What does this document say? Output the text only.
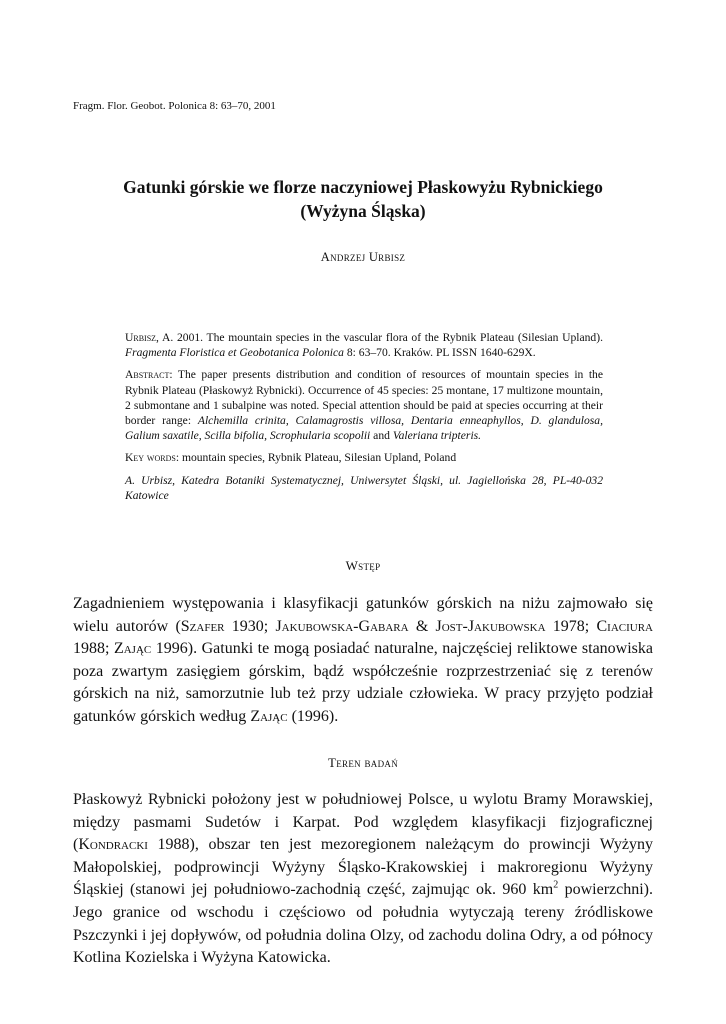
Fragm. Flor. Geobot. Polonica 8: 63–70, 2001
Gatunki górskie we florze naczyniowej Płaskowyżu Rybnickiego
(Wyżyna Śląska)
Andrzej Urbisz

Urbisz, A. 2001. The mountain species in the vascular flora of the Rybnik Plateau (Silesian Upland). Fragmenta Floristica et Geobotanica Polonica 8: 63–70. Kraków. PL ISSN 1640-629X.

Abstract: The paper presents distribution and condition of resources of mountain species in the Rybnik Plateau (Płaskowyż Rybnicki). Occurrence of 45 species: 25 montane, 17 multizone mountain, 2 submontane and 1 subalpine was noted. Special attention should be paid at species occurring at their border range: Alchemilla crinita, Calamagrostis villosa, Dentaria enneaphyllos, D. glandulosa, Galium saxatile, Scilla bifolia, Scrophularia scopolii and Valeriana tripteris.

Key words: mountain species, Rybnik Plateau, Silesian Upland, Poland

A. Urbisz, Katedra Botaniki Systematycznej, Uniwersytet Śląski, ul. Jagiellońska 28, PL-40-032 Katowice

Wstęp

Zagadnieniem występowania i klasyfikacji gatunków górskich na niżu zajmowało się wielu autorów (Szafer 1930; Jakubowska-Gabara & Jost-Jakubowska 1978; Ciaciura 1988; Zając 1996). Gatunki te mogą posiadać naturalne, najczęściej reliktowe stanowiska poza zwartym zasięgiem górskim, bądź współcześnie rozprzestrzeniać się z terenów górskich na niż, samorzutnie lub też przy udziale człowieka. W pracy przyjęto podział gatunków górskich według Zając (1996).

Teren badań

Płaskowyż Rybnicki położony jest w południowej Polsce, u wylotu Bramy Morawskiej, między pasmami Sudetów i Karpat. Pod względem klasyfikacji fizjograficznej (Kondracki 1988), obszar ten jest mezoregionem należącym do prowincji Wyżyny Małopolskiej, podprowincji Wyżyny Śląsko-Krakowskiej i makroregionu Wyżyny Śląskiej (stanowi jej południowo-zachodnią część, zajmując ok. 960 $km^2$ powierzchni). Jego granice od wschodu i częściowo od południa wytyczają tereny źródliskowe Pszczynki i jej dopływów, od południa dolina Olzy, od zachodu dolina Odry, a od północy Kotlina Kozielska i Wyżyna Katowicka.
